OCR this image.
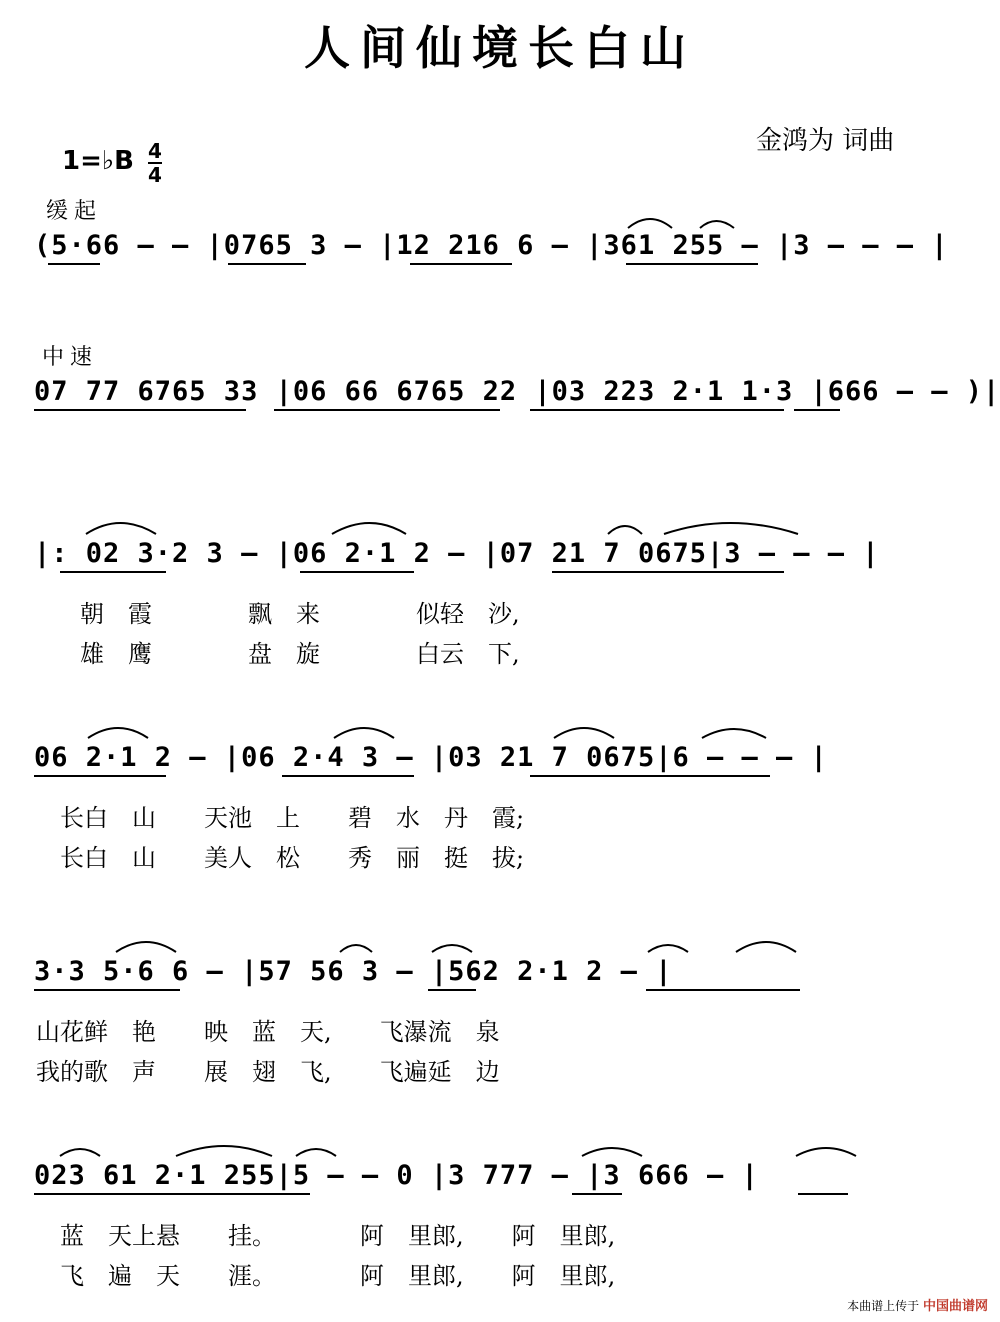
人间仙境长白山
金鸿为 词曲
1=♭B 4
4
缓起
中速
(5·66 – – |0765 3 – |12 216 6 – |361 255 – |3 – – – |
07 77 6765 33 |06 66 6765 22 |03 223 2·1 1·3 |666 – – )|
|: 02 3·2 3 – |06 2·1 2 – |07 21 7 0675|3 – – – |
朝　霞　　　　飘　来　　　　似轻　沙,
雄　鹰　　　　盘　旋　　　　白云　下,
06 2·1 2 – |06 2·4 3 – |03 21 7 0675|6 – – – |
长白　山　　天池　上　　碧　水　丹　霞;
长白　山　　美人　松　　秀　丽　挺　拔;
3·3 5·6 6 – |57 56 3 – |562 2·1 2 – |
山花鲜　艳　　映　蓝　天,　　飞瀑流　泉
我的歌　声　　展　翅　飞,　　飞遍延　边
023 61 2·1 255|5 – – 0 |3 777 – |3 666 – |
蓝　天上悬　　挂。　　　　阿　里郎,　　阿　里郎,
飞　遍　天　　涯。　　　　阿　里郎,　　阿　里郎,
本曲谱上传于 中国曲谱网
